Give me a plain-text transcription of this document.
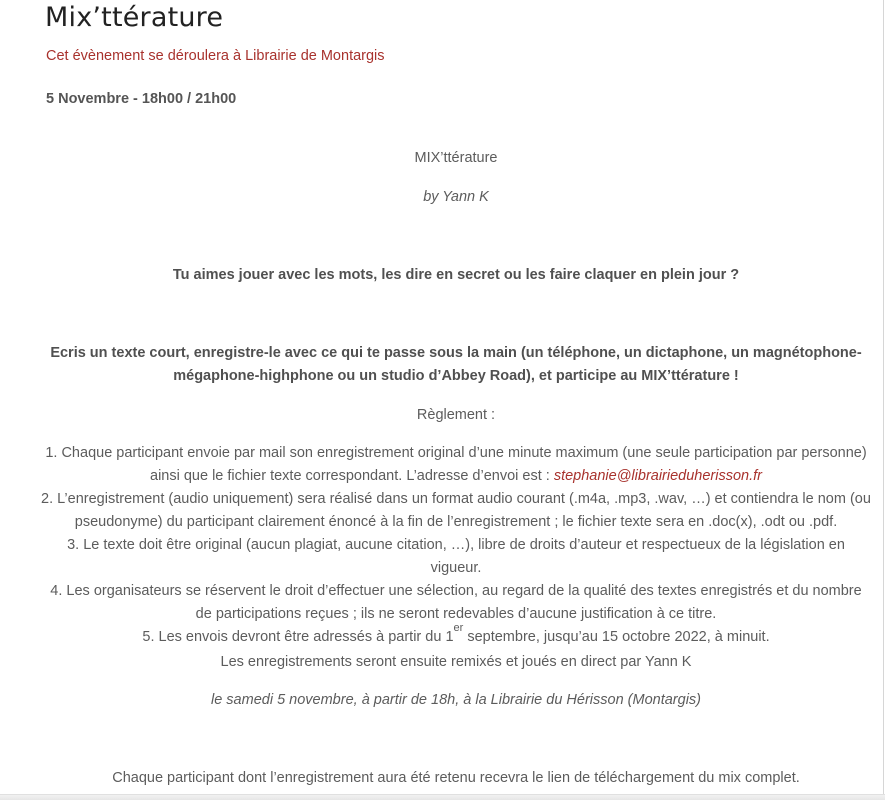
Mix’ttérature
Cet évènement se déroulera à Librairie de Montargis
5 Novembre - 18h00 / 21h00
MIX’ttérature
by Yann K
Tu aimes jouer avec les mots, les dire en secret ou les faire claquer en plein jour ?
Ecris un texte court, enregistre-le avec ce qui te passe sous la main (un téléphone, un dictaphone, un magnétophone-
mégaphone-highphone ou un studio d’Abbey Road), et participe au MIX’ttérature !
Règlement :
1. Chaque participant envoie par mail son enregistrement original d’une minute maximum (une seule participation par personne)
ainsi que le fichier texte correspondant. L’adresse d’envoi est : stephanie@librairieduherisson.fr
2. L’enregistrement (audio uniquement) sera réalisé dans un format audio courant (.m4a, .mp3, .wav, …) et contiendra le nom (ou
pseudonyme) du participant clairement énoncé à la fin de l’enregistrement ; le fichier texte sera en .doc(x), .odt ou .pdf.
3. Le texte doit être original (aucun plagiat, aucune citation, …), libre de droits d’auteur et respectueux de la législation en vigueur.
4. Les organisateurs se réservent le droit d’effectuer une sélection, au regard de la qualité des textes enregistrés et du nombre
de participations reçues ; ils ne seront redevables d’aucune justification à ce titre.
5. Les envois devront être adressés à partir du 1er septembre, jusqu’au 15 octobre 2022, à minuit.
Les enregistrements seront ensuite remixés et joués en direct par Yann K
le samedi 5 novembre, à partir de 18h, à la Librairie du Hérisson (Montargis)
Chaque participant dont l’enregistrement aura été retenu recevra le lien de téléchargement du mix complet.
